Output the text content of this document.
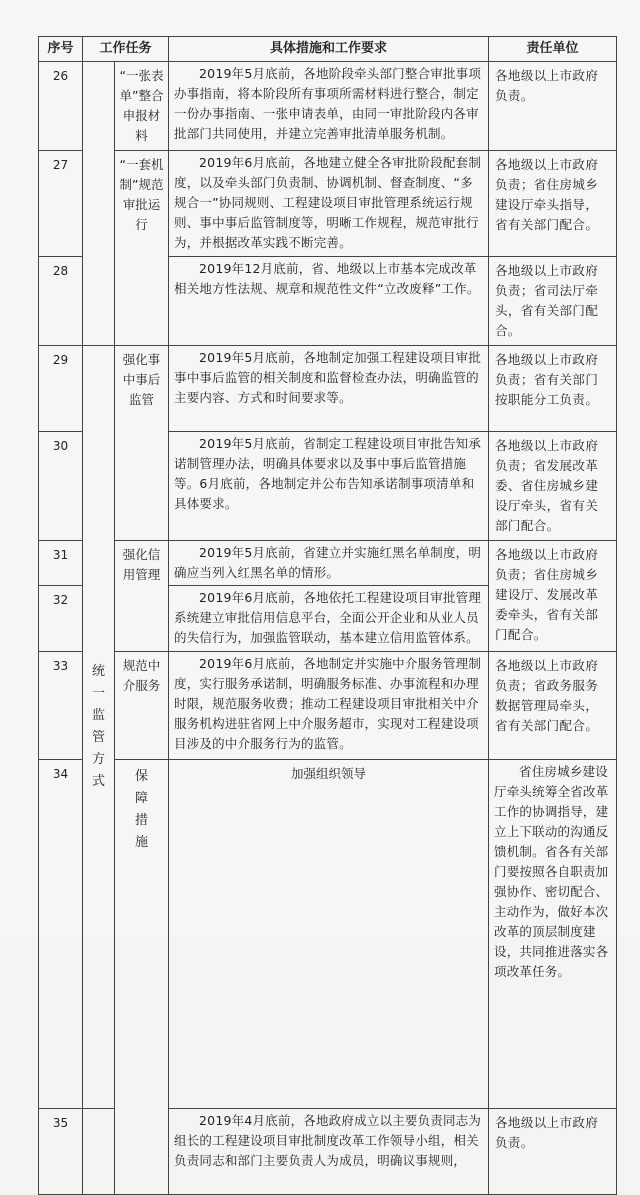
序号	工作任务		具体措施和工作要求	责任单位	
26		“一张表单”整合申报材料	2019年5月底前，各地阶段牵头部门整合审批事项办事指南，将本阶段所有事项所需材料进行整合，制定一份办事指南、一张申请表单，由同一审批阶段内各审批部门共同使用，并建立完善审批清单服务机制。	各地级以上市政府负责。	
27		“一套机制”规范审批运行	2019年6月底前，各地建立健全各审批阶段配套制度，以及牵头部门负责制、协调机制、督查制度、“多规合一”协同规则、工程建设项目审批管理系统运行规则、事中事后监管制度等，明晰工作规程，规范审批行为，并根据改革实践不断完善。	各地级以上市政府负责；省住房城乡建设厅牵头指导，省有关部门配合。	
28			2019年12月底前，省、地级以上市基本完成改革相关地方性法规、规章和规范性文件“立改废释”工作。	各地级以上市政府负责；省司法厅牵头，省有关部门配合。	
29	统一监管方式	强化事中事后监管	2019年5月底前，各地制定加强工程建设项目审批事中事后监管的相关制度和监督检查办法，明确监管的主要内容、方式和时间要求等。	各地级以上市政府负责；省有关部门按职能分工负责。	
30			2019年5月底前，省制定工程建设项目审批告知承诺制管理办法，明确具体要求以及事中事后监管措施等。6月底前，各地制定并公布告知承诺制事项清单和具体要求。	各地级以上市政府负责；省发展改革委、省住房城乡建设厅牵头，省有关部门配合。	
31		强化信用管理	2019年5月底前，省建立并实施红黑名单制度，明确应当列入红黑名单的情形。	各地级以上市政府负责；省住房城乡建设厅、发展改革委牵头，省有关部门配合。	
32			2019年6月底前，各地依托工程建设项目审批管理系统建立审批信用信息平台，全面公开企业和从业人员的失信行为，加强监管联动，基本建立信用监管体系。		
33		规范中介服务	2019年6月底前，各地制定并实施中介服务管理制度，实行服务承诺制，明确服务标准、办事流程和办理时限，规范服务收费；推动工程建设项目审批相关中介服务机构进驻省网上中介服务超市，实现对工程建设项目涉及的中介服务行为的监管。	各地级以上市政府负责；省政务服务数据管理局牵头，省有关部门配合。	
34		保障措施	加强组织领导	省住房城乡建设厅牵头统筹全省改革工作的协调指导，建立上下联动的沟通反馈机制。省各有关部门要按照各自职责加强协作、密切配合、主动作为，做好本次改革的顶层制度建设，共同推进落实各项改革任务。	
35			2019年4月底前，各地政府成立以主要负责同志为组长的工程建设项目审批制度改革工作领导小组，相关负责同志和部门主要负责人为成员，明确议事规则，	各地级以上市政府负责。	
